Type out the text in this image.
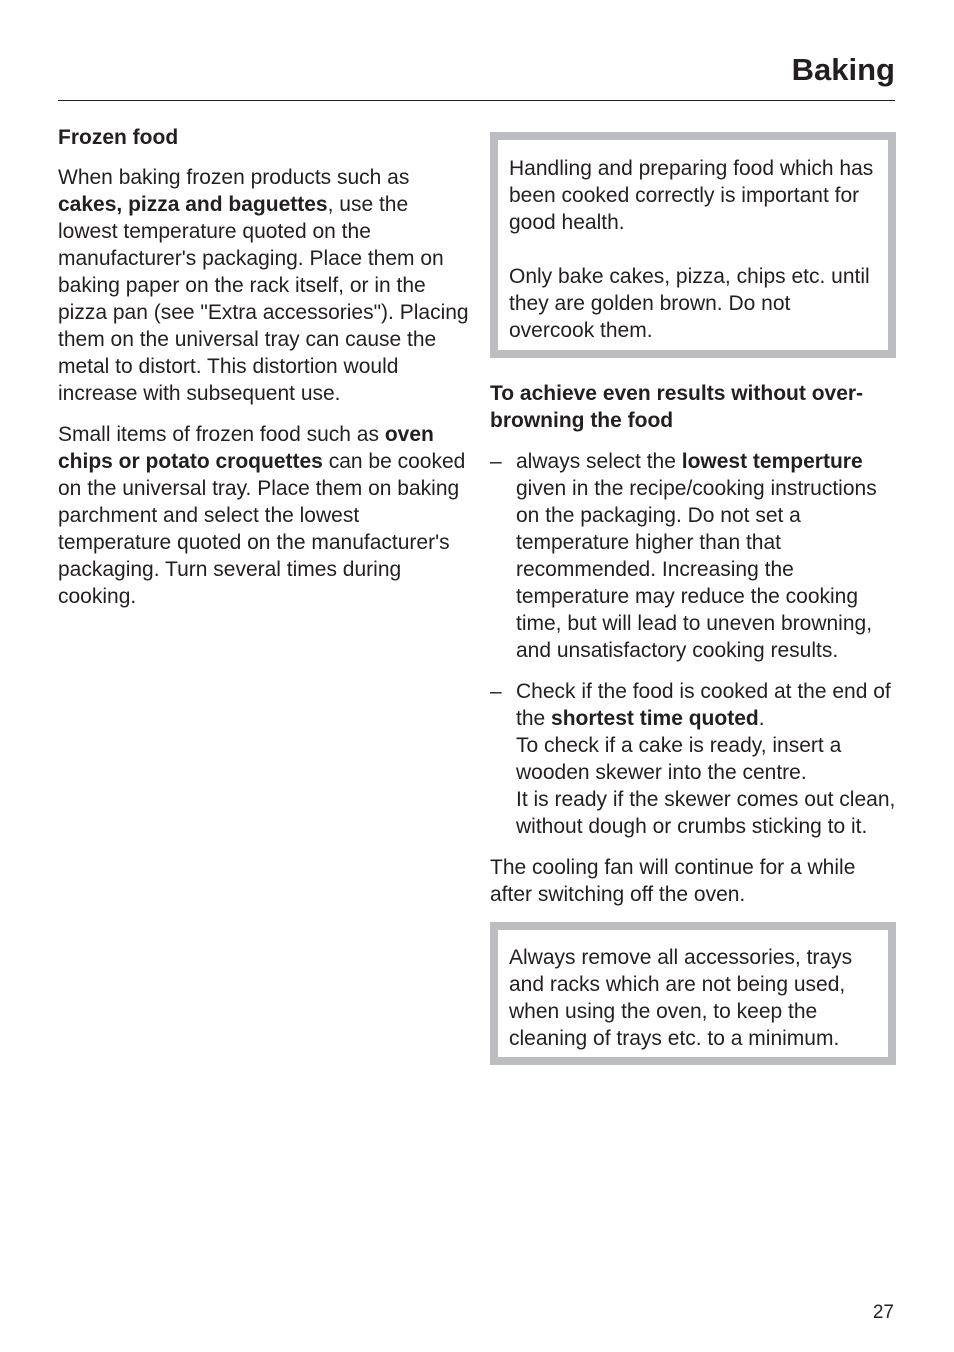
Baking
Frozen food

When baking frozen products such as cakes, pizza and baguettes, use the lowest temperature quoted on the manufacturer's packaging. Place them on baking paper on the rack itself, or in the pizza pan (see "Extra accessories"). Placing them on the universal tray can cause the metal to distort. This distortion would increase with subsequent use.

Small items of frozen food such as oven chips or potato croquettes can be cooked on the universal tray. Place them on baking parchment and select the lowest temperature quoted on the manufacturer's packaging. Turn several times during cooking.

Handling and preparing food which has been cooked correctly is important for good health.

Only bake cakes, pizza, chips etc. until they are golden brown. Do not overcook them.

To achieve even results without over-browning the food
– always select the lowest temperture given in the recipe/cooking instructions on the packaging. Do not set a temperature higher than that recommended. Increasing the temperature may reduce the cooking time, but will lead to uneven browning, and unsatisfactory cooking results.
– Check if the food is cooked at the end of the shortest time quoted.
To check if a cake is ready, insert a wooden skewer into the centre.
It is ready if the skewer comes out clean, without dough or crumbs sticking to it.

The cooling fan will continue for a while after switching off the oven.

Always remove all accessories, trays and racks which are not being used, when using the oven, to keep the cleaning of trays etc. to a minimum.

27
